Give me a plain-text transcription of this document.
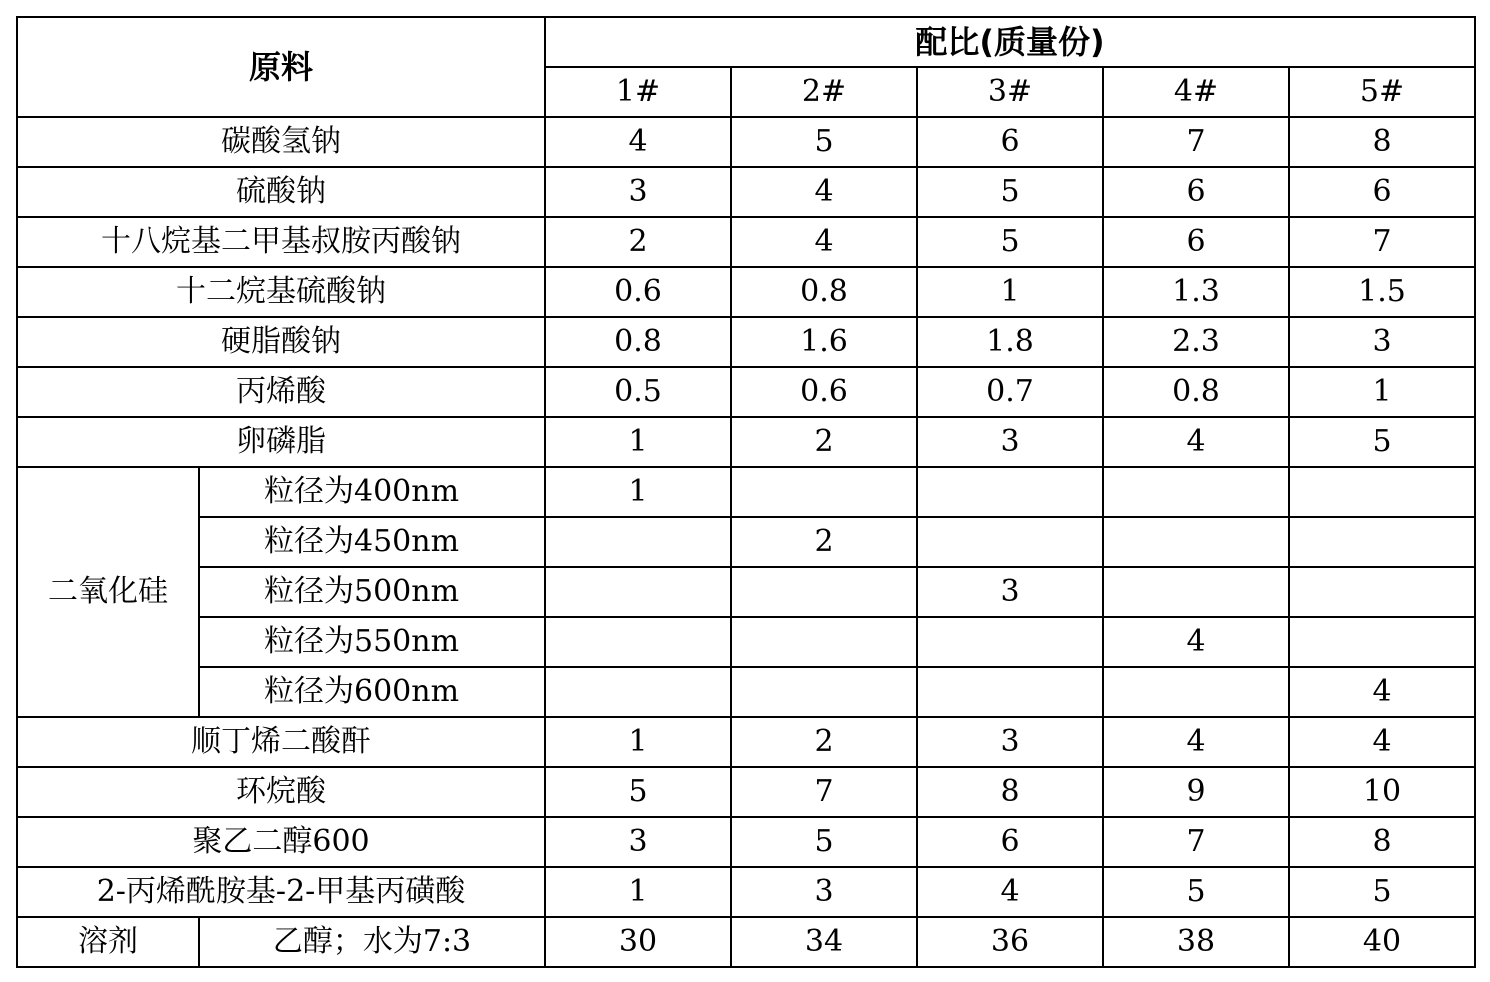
原料		配比(质量份)				
		1#	2#	3#	4#	5#
碳酸氢钠		4	5	6	7	8
硫酸钠		3	4	5	6	6
十八烷基二甲基叔胺丙酸钠		2	4	5	6	7
十二烷基硫酸钠		0.6	0.8	1	1.3	1.5
硬脂酸钠		0.8	1.6	1.8	2.3	3
丙烯酸		0.5	0.6	0.7	0.8	1
卵磷脂		1	2	3	4	5
二氧化硅	粒径为400nm	1				
	粒径为450nm		2			
	粒径为500nm			3		
	粒径为550nm				4	
	粒径为600nm					4
顺丁烯二酸酐		1	2	3	4	4
环烷酸		5	7	8	9	10
聚乙二醇600		3	5	6	7	8
2-丙烯酰胺基-2-甲基丙磺酸		1	3	4	5	5
溶剂	乙醇；水为7:3	30	34	36	38	40
